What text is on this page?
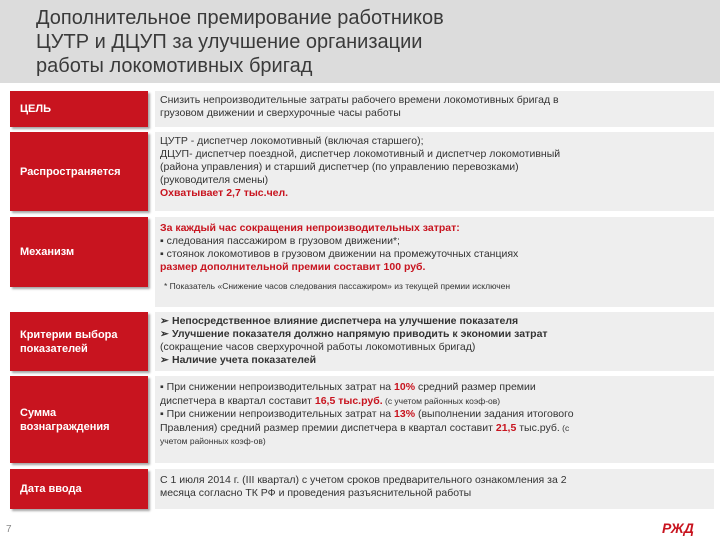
Дополнительное премирование работников
ЦУТР и ДЦУП за улучшение организации
работы локомотивных бригад
ЦЕЛЬ
Снизить непроизводительные затраты рабочего времени локомотивных бригад в
грузовом движении и сверхурочные часы работы
Распространяется
ЦУТР - диспетчер локомотивный (включая старшего);
ДЦУП- диспетчер поездной, диспетчер локомотивный и диспетчер локомотивный
(района управления) и старший диспетчер (по управлению перевозками)
(руководителя смены)
Охватывает 2,7 тыс.чел.
Механизм
За каждый час сокращения непроизводительных затрат:
▪ следования пассажиром в грузовом движении*;
▪ стоянок локомотивов в грузовом движении на промежуточных станциях
размер дополнительной премии составит 100 руб.
* Показатель «Снижение часов следования пассажиром» из текущей премии исключен
Критерии выбора показателей
➢ Непосредственное влияние диспетчера на улучшение показателя
➢ Улучшение показателя должно напрямую приводить к экономии затрат
(сокращение часов сверхурочной работы локомотивных бригад)
➢ Наличие учета показателей
Сумма вознаграждения
▪ При снижении непроизводительных затрат на 10% средний размер премии
диспетчера в квартал составит 16,5 тыс.руб. (с учетом районных коэф-ов)
▪ При снижении непроизводительных затрат на 13% (выполнении задания итогового
Правления) средний размер премии диспетчера в квартал составит 21,5 тыс.руб. (с
учетом районных коэф-ов)
Дата ввода
С 1 июля 2014 г. (III квартал) с учетом сроков предварительного ознакомления за 2
месяца согласно ТК РФ и проведения разъяснительной работы
7	РЖД
